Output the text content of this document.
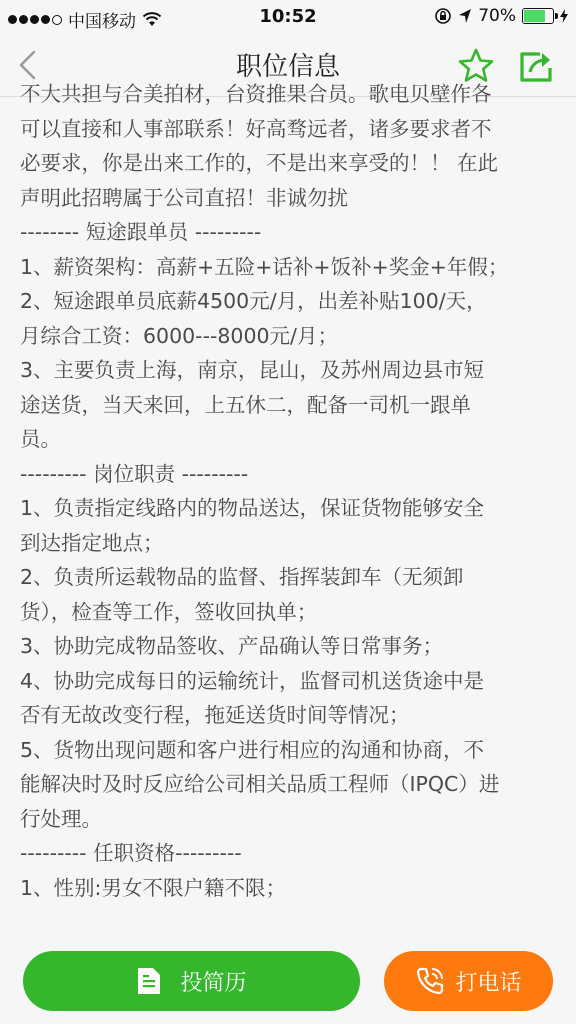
中国移动	10:52	70%
职位信息

不大共担与合美拍材，台资推果合员。歌电贝壁作各

可以直接和人事部联系！好高骛远者，诸多要求者不

必要求，你是出来工作的，不是出来享受的！！ 在此

声明此招聘属于公司直招！非诚勿扰

-------- 短途跟单员 ---------

1、薪资架构：高薪+五险+话补+饭补+奖金+年假；

2、短途跟单员底薪4500元/月，出差补贴100/天，

月综合工资：6000---8000元/月；

3、主要负责上海，南京，昆山，及苏州周边县市短

途送货，当天来回，上五休二，配备一司机一跟单

员。

--------- 岗位职责 ---------

1、负责指定线路内的物品送达，保证货物能够安全

到达指定地点；

2、负责所运载物品的监督、指挥装卸车（无须卸

货），检查等工作，签收回执单；

3、协助完成物品签收、产品确认等日常事务；

4、协助完成每日的运输统计，监督司机送货途中是

否有无故改变行程，拖延送货时间等情况；

5、货物出现问题和客户进行相应的沟通和协商，不

能解决时及时反应给公司相关品质工程师（IPQC）进

行处理。

--------- 任职资格---------

1、性别:男女不限户籍不限；

投简历	打电话
